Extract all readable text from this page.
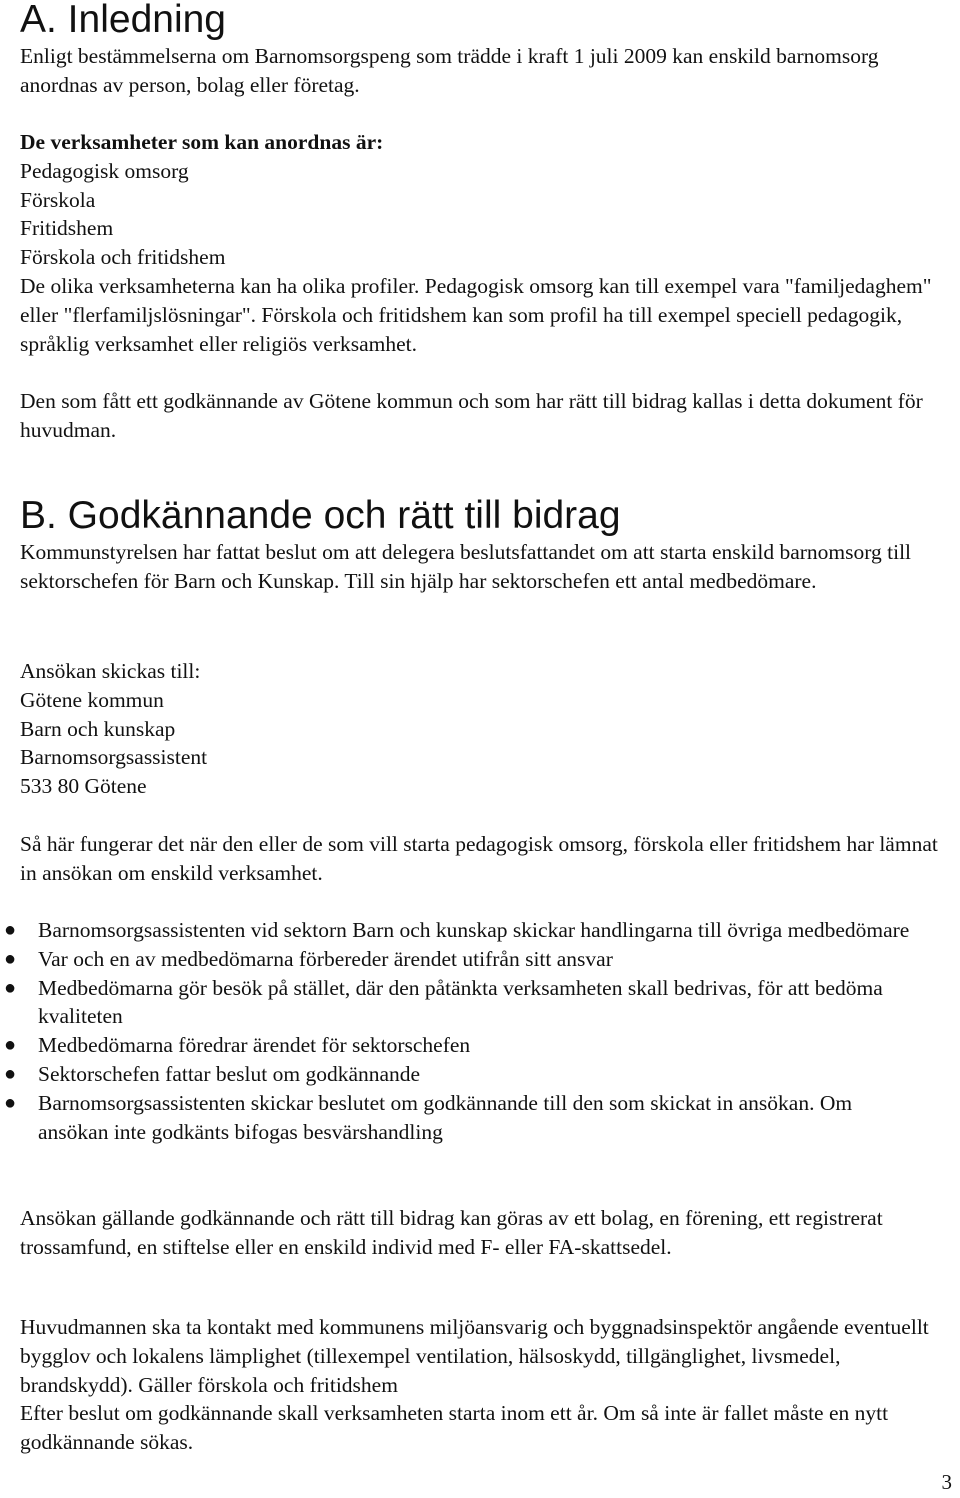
A. Inledning
Enligt bestämmelserna om Barnomsorgspeng som trädde i kraft 1 juli 2009 kan enskild barnomsorg anordnas av person, bolag eller företag.
De verksamheter som kan anordnas är:
Pedagogisk omsorg
Förskola
Fritidshem
Förskola och fritidshem
De olika verksamheterna kan ha olika profiler. Pedagogisk omsorg kan till exempel vara "familjedaghem" eller "flerfamiljslösningar". Förskola och fritidshem kan som profil ha till exempel speciell pedagogik, språklig verksamhet eller religiös verksamhet.
Den som fått ett godkännande av Götene kommun och som har rätt till bidrag kallas i detta dokument för huvudman.
B. Godkännande och rätt till bidrag
Kommunstyrelsen har fattat beslut om att delegera beslutsfattandet om att starta enskild barnomsorg till sektorschefen för Barn och Kunskap. Till sin hjälp har sektorschefen ett antal medbedömare.
Ansökan skickas till:
Götene kommun
Barn och kunskap
Barnomsorgsassistent
533 80 Götene
Så här fungerar det när den eller de som vill starta pedagogisk omsorg, förskola eller fritidshem har lämnat in ansökan om enskild verksamhet.
● Barnomsorgsassistenten vid sektorn Barn och kunskap skickar handlingarna till övriga medbedömare
● Var och en av medbedömarna förbereder ärendet utifrån sitt ansvar
● Medbedömarna gör besök på stället, där den påtänkta verksamheten skall bedrivas, för att bedöma kvaliteten
● Medbedömarna föredrar ärendet för sektorschefen
● Sektorschefen fattar beslut om godkännande
● Barnomsorgsassistenten skickar beslutet om godkännande till den som skickat in ansökan. Om ansökan inte godkänts bifogas besvärshandling
Ansökan gällande godkännande och rätt till bidrag kan göras av ett bolag, en förening, ett registrerat trossamfund, en stiftelse eller en enskild individ med F- eller FA-skattsedel.
Huvudmannen ska ta kontakt med kommunens miljöansvarig och byggnadsinspektör angående eventuellt bygglov och lokalens lämplighet (tillexempel ventilation, hälsoskydd, tillgänglighet, livsmedel, brandskydd). Gäller förskola och fritidshem
Efter beslut om godkännande skall verksamheten starta inom ett år. Om så inte är fallet måste en nytt godkännande sökas.
3
